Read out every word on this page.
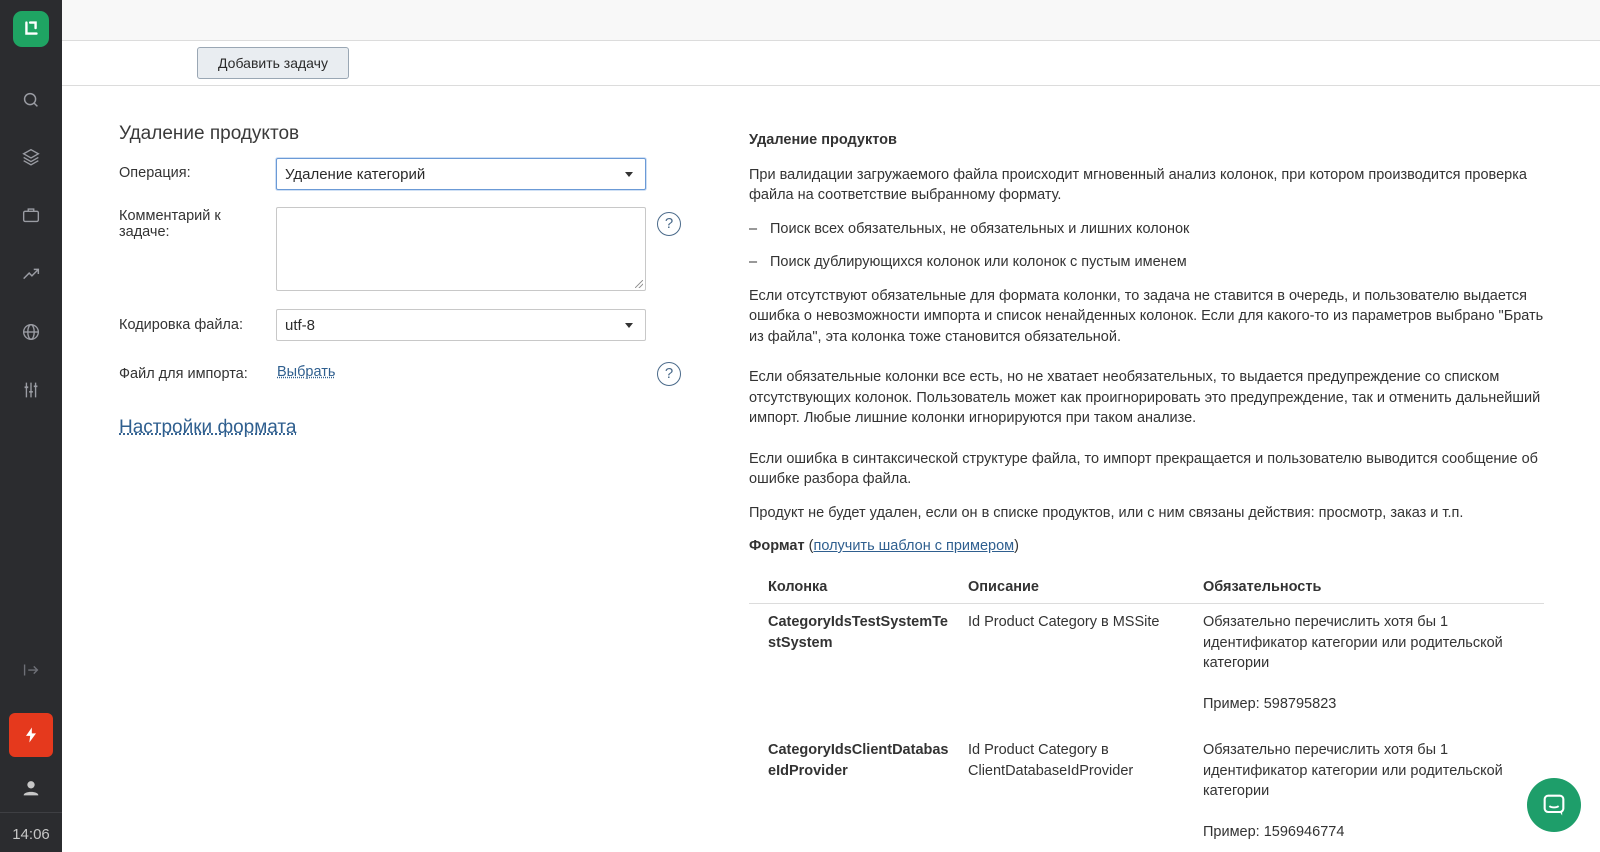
14:06
Добавить задачу
Удаление продуктов
Операция:	Удаление категорий
Комментарий к задаче:	?
Кодировка файла:	utf-8
Файл для импорта: Выбрать	?
Настройки формата
Удаление продуктов

При валидации загружаемого файла происходит мгновенный анализ колонок, при котором производится проверка файла на соответствие выбранному формату.

– Поиск всех обязательных, не обязательных и лишних колонок
– Поиск дублирующихся колонок или колонок с пустым именем

Если отсутствуют обязательные для формата колонки, то задача не ставится в очередь, и пользователю выдается ошибка о невозможности импорта и список ненайденных колонок. Если для какого-то из параметров выбрано "Брать из файла", эта колонка тоже становится обязательной.

Если обязательные колонки все есть, но не хватает необязательных, то выдается предупреждение со списком отсутствующих колонок. Пользователь может как проигнорировать это предупреждение, так и отменить дальнейший импорт. Любые лишние колонки игнорируются при таком анализе.

Если ошибка в синтаксической структуре файла, то импорт прекращается и пользователю выводится сообщение об ошибке разбора файла.

Продукт не будет удален, если он в списке продуктов, или с ним связаны действия: просмотр, заказ и т.п.

Формат (получить шаблон с примером)
Колонка	Описание	Обязательность
CategoryIdsTestSystemTestSystem	Id Product Category в MSSite	Обязательно перечислить хотя бы 1 идентификатор категории или родительской категории
Пример: 598795823

CategoryIdsClientDatabaseIdProvider	Id Product Category в ClientDatabaseIdProvider	Обязательно перечислить хотя бы 1 идентификатор категории или родительской категории
Пример: 1596946774
